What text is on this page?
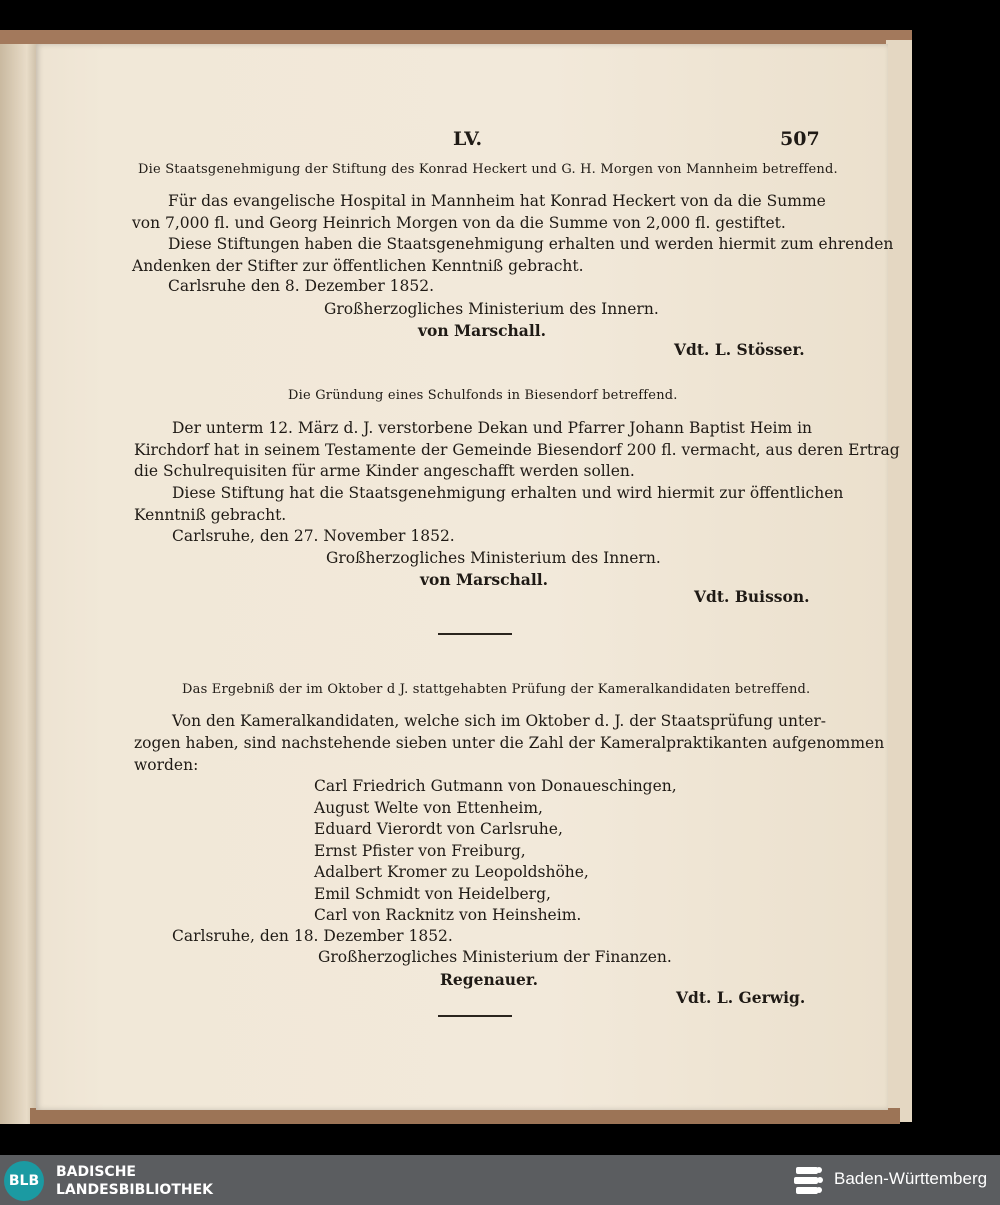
LV.	507
Die Staatsgenehmigung der Stiftung des Konrad Heckert und G. H. Morgen von Mannheim betreffend.
Für das evangelische Hospital in Mannheim hat Konrad Heckert von da die Summe
von 7,000 fl. und Georg Heinrich Morgen von da die Summe von 2,000 fl. gestiftet.
Diese Stiftungen haben die Staatsgenehmigung erhalten und werden hiermit zum ehrenden
Andenken der Stifter zur öffentlichen Kenntniß gebracht.
Carlsruhe den 8. Dezember 1852.
Großherzogliches Ministerium des Innern.
von Marschall.
Vdt. L. Stösser.
Die Gründung eines Schulfonds in Biesendorf betreffend.
Der unterm 12. März d. J. verstorbene Dekan und Pfarrer Johann Baptist Heim in
Kirchdorf hat in seinem Testamente der Gemeinde Biesendorf 200 fl. vermacht, aus deren Ertrag
die Schulrequisiten für arme Kinder angeschafft werden sollen.
Diese Stiftung hat die Staatsgenehmigung erhalten und wird hiermit zur öffentlichen
Kenntniß gebracht.
Carlsruhe, den 27. November 1852.
Großherzogliches Ministerium des Innern.
von Marschall.
Vdt. Buisson.
Das Ergebniß der im Oktober d J. stattgehabten Prüfung der Kameralkandidaten betreffend.
Von den Kameralkandidaten, welche sich im Oktober d. J. der Staatsprüfung unter-
zogen haben, sind nachstehende sieben unter die Zahl der Kameralpraktikanten aufgenommen
worden:
Carl Friedrich Gutmann von Donaueschingen,
August Welte von Ettenheim,
Eduard Vierordt von Carlsruhe,
Ernst Pfister von Freiburg,
Adalbert Kromer zu Leopoldshöhe,
Emil Schmidt von Heidelberg,
Carl von Racknitz von Heinsheim.
Carlsruhe, den 18. Dezember 1852.
Großherzogliches Ministerium der Finanzen.
Regenauer.
Vdt. L. Gerwig.
BLB
BADISCHE
LANDESBIBLIOTHEK
Baden-Württemberg
